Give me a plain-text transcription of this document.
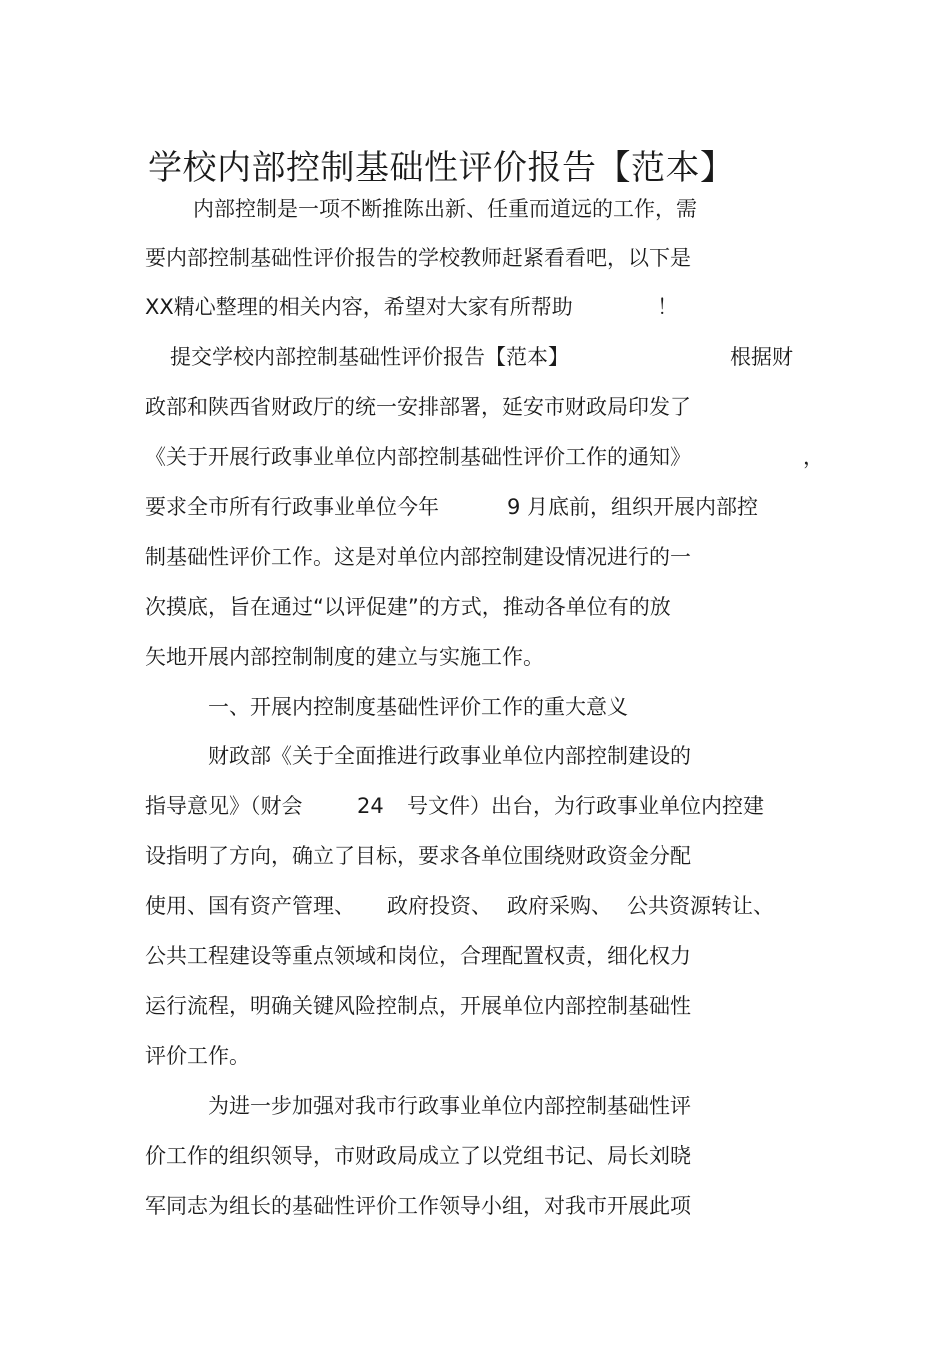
学校内部控制基础性评价报告【范本】
内部控制是一项不断推陈出新、任重而道远的工作，需
要内部控制基础性评价报告的学校教师赶紧看看吧，以下是
XX精心整理的相关内容，希望对大家有所帮助	！
提交学校内部控制基础性评价报告【范本】	根据财
政部和陕西省财政厅的统一安排部署，延安市财政局印发了
《关于开展行政事业单位内部控制基础性评价工作的通知》	，
要求全市所有行政事业单位今年	9 月底前，组织开展内部控
制基础性评价工作。这是对单位内部控制建设情况进行的一
次摸底，旨在通过“以评促建”的方式，推动各单位有的放
矢地开展内部控制制度的建立与实施工作。
一、开展内控制度基础性评价工作的重大意义
财政部《关于全面推进行政事业单位内部控制建设的
指导意见》（财会	24 号文件）出台，为行政事业单位内控建
设指明了方向，确立了目标，要求各单位围绕财政资金分配
使用、国有资产管理、 政府投资、 政府采购、 公共资源转让、
公共工程建设等重点领域和岗位，合理配置权责，细化权力
运行流程，明确关键风险控制点，开展单位内部控制基础性
评价工作。
为进一步加强对我市行政事业单位内部控制基础性评
价工作的组织领导，市财政局成立了以党组书记、局长刘晓
军同志为组长的基础性评价工作领导小组，对我市开展此项
